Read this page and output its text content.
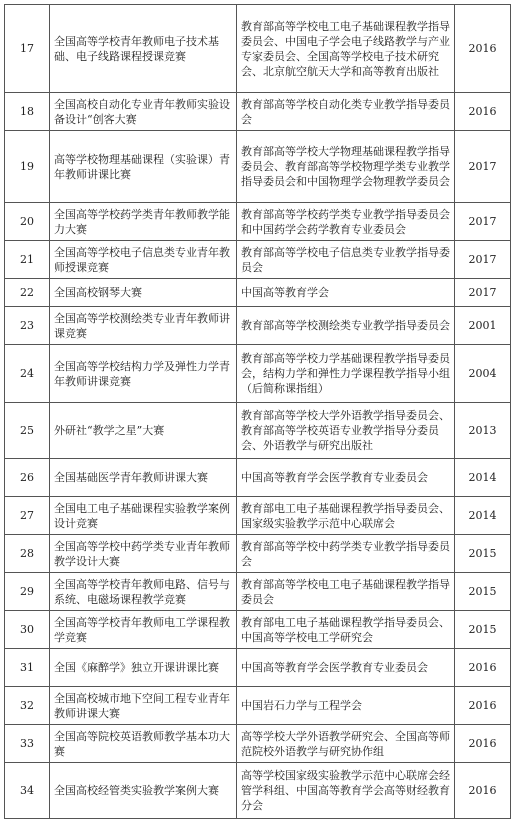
17	全国高等学校青年教师电子技术基础、电子线路课程授课竞赛	教育部高等学校电工电子基础课程教学指导委员会、中国电子学会电子线路教学与产业专家委员会、全国高等学校电子技术研究会、北京航空航天大学和高等教育出版社	2016
18	全国高校自动化专业青年教师实验设备设计“创客大赛	教育部高等学校自动化类专业教学指导委员会	2016
19	高等学校物理基础课程（实验课）青年教师讲课比赛	教育部高等学校大学物理基础课程教学指导委员会、教育部高等学校物理学类专业教学指导委员会和中国物理学会物理教学委员会	2017
20	全国高等学校药学类青年教师教学能力大赛	教育部高等学校药学类专业教学指导委员会和中国药学会药学教育专业委员会	2017
21	全国高等学校电子信息类专业青年教师授课竞赛	教育部高等学校电子信息类专业教学指导委员会	2017
22	全国高校钢琴大赛	中国高等教育学会	2017
23	全国高等学校测绘类专业青年教师讲课竞赛	教育部高等学校测绘类专业教学指导委员会	2001
24	全国高等学校结构力学及弹性力学青年教师讲课竞赛	教育部高等学校力学基础课程教学指导委员会，结构力学和弹性力学课程教学指导小组（后简称课指组）	2004
25	外研社“教学之星”大赛	教育部高等学校大学外语教学指导委员会、教育部高等学校英语专业教学指导分委员会、外语教学与研究出版社	2013
26	全国基础医学青年教师讲课大赛	中国高等教育学会医学教育专业委员会	2014
27	全国电工电子基础课程实验教学案例设计竞赛	教育部电工电子基础课程教学指导委员会、国家级实验教学示范中心联席会	2014
28	全国高等学校中药学类专业青年教师教学设计大赛	教育部高等学校中药学类专业教学指导委员会	2015
29	全国高等学校青年教师电路、信号与系统、电磁场课程教学竞赛	教育部高等学校电工电子基础课程教学指导委员会	2015
30	全国高等学校青年教师电工学课程教学竞赛	教育部电工电子基础课程教学指导委员会、中国高等学校电工学研究会	2015
31	全国《麻醉学》独立开课讲课比赛	中国高等教育学会医学教育专业委员会	2016
32	全国高校城市地下空间工程专业青年教师讲课大赛	中国岩石力学与工程学会	2016
33	全国高等院校英语教师教学基本功大赛	高等学校大学外语教学研究会、全国高等师范院校外语教学与研究协作组	2016
34	全国高校经管类实验教学案例大赛	高等学校国家级实验教学示范中心联席会经管学科组、中国高等教育学会高等财经教育分会	2016
